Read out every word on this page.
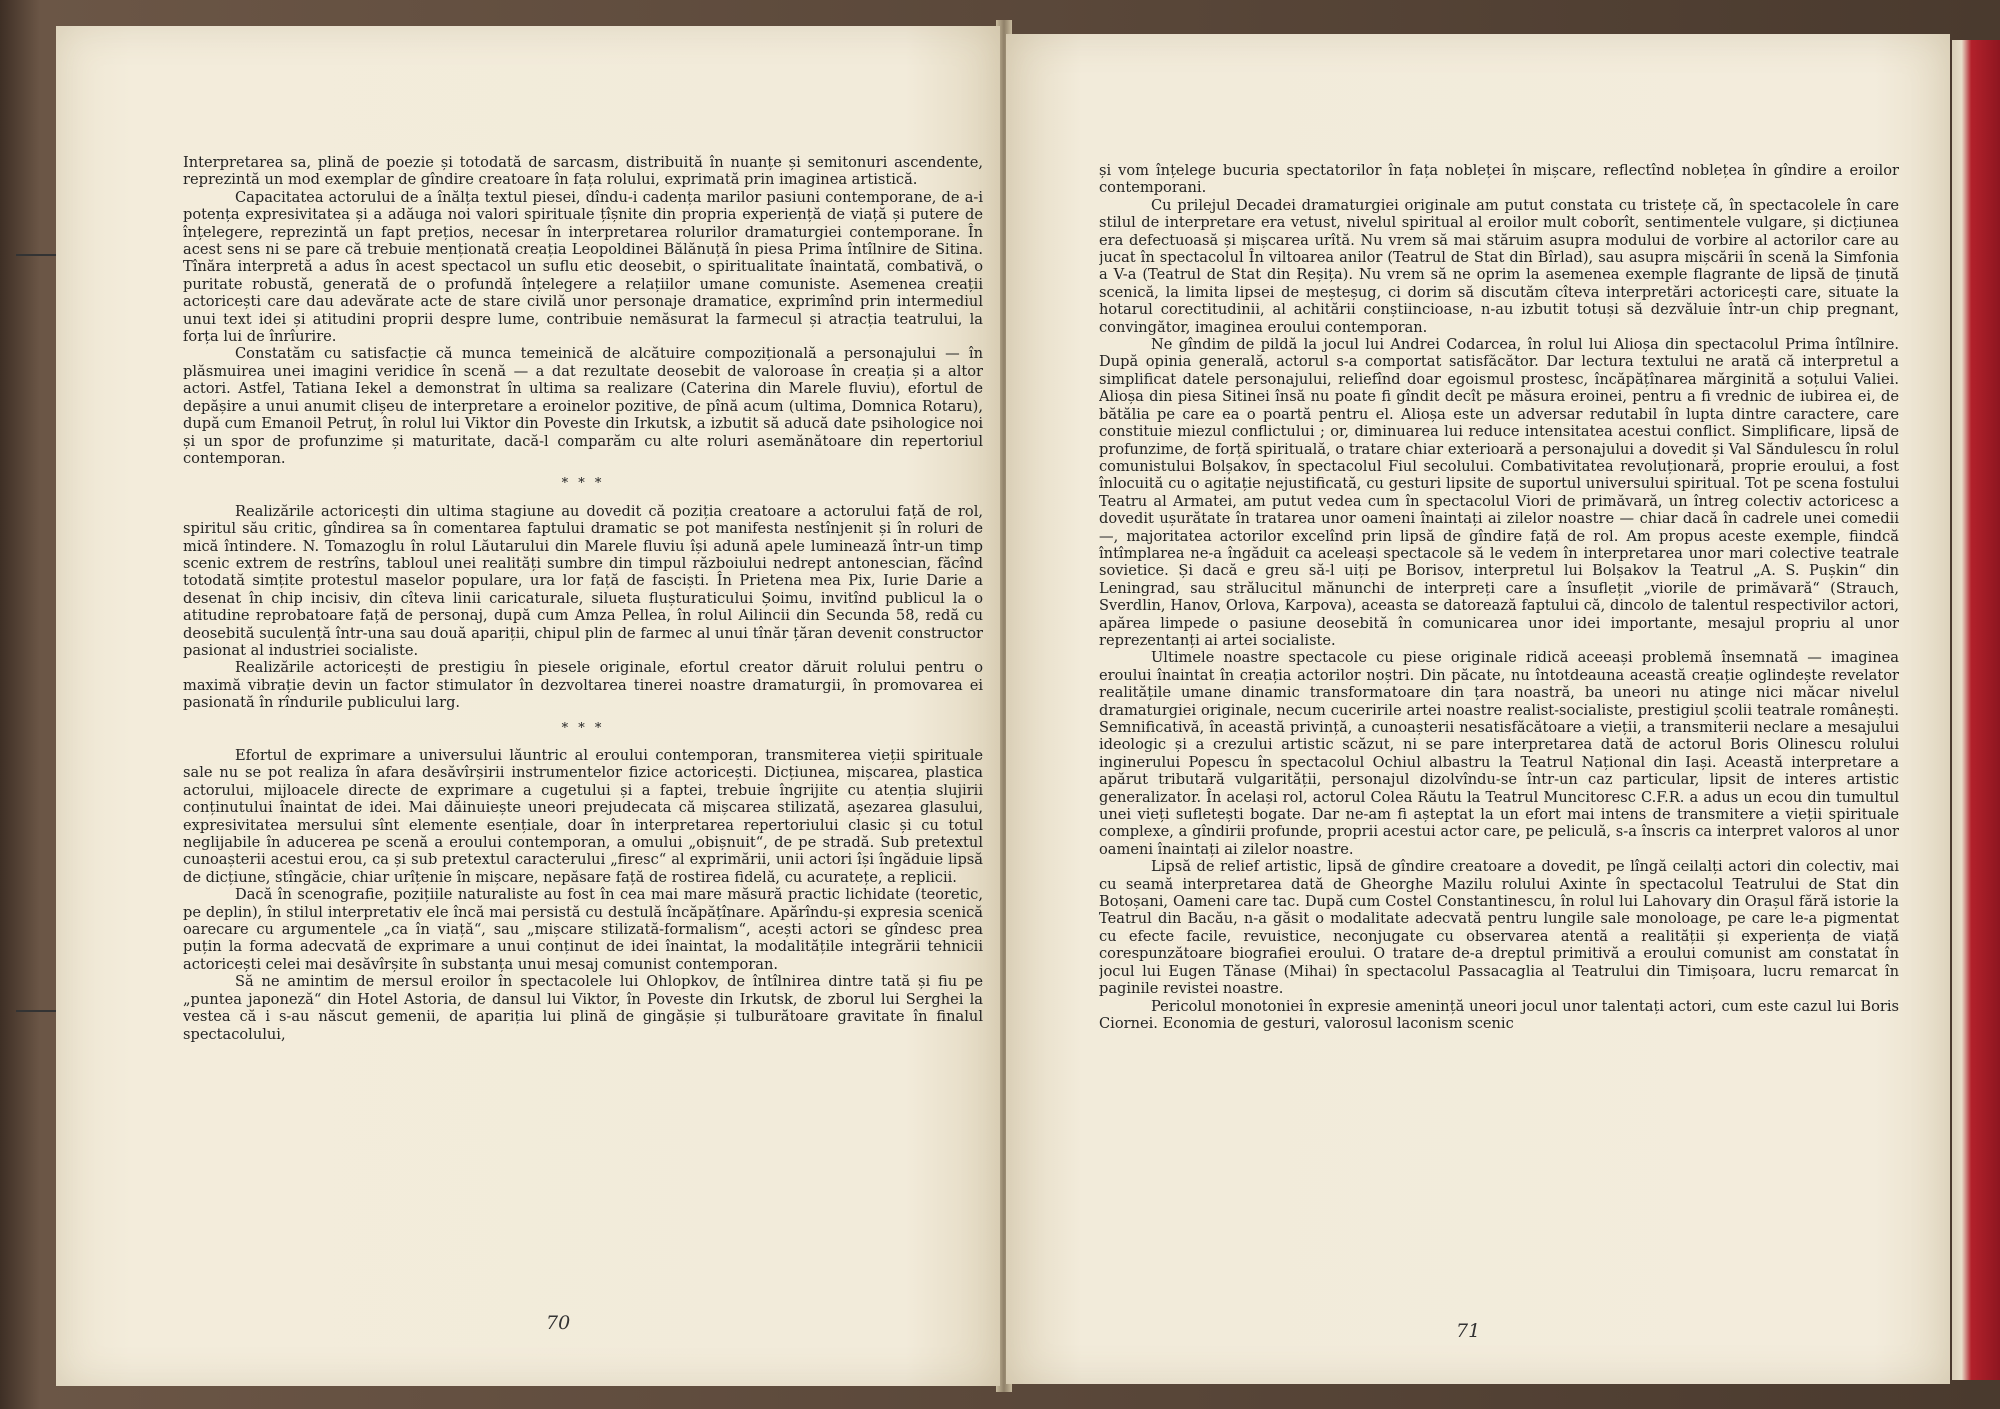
Interpretarea sa, plină de poezie și totodată de sarcasm, distribuită în nuanțe și semitonuri ascendente, reprezintă un mod exemplar de gîndire creatoare în fața rolului, exprimată prin imaginea artistică.

Capacitatea actorului de a înălța textul piesei, dîndu-i cadența marilor pasiuni contemporane, de a-i potența expresivitatea și a adăuga noi valori spirituale țîșnite din propria experiență de viață și putere de înțelegere, reprezintă un fapt prețios, necesar în interpretarea rolurilor dramaturgiei contemporane. În acest sens ni se pare că trebuie menționată creația Leopoldinei Bălănuță în piesa Prima întîlnire de Sitina. Tînăra interpretă a adus în acest spectacol un suflu etic deosebit, o spiritualitate înaintată, combativă, o puritate robustă, generată de o profundă înțelegere a relațiilor umane comuniste. Asemenea creații actoricești care dau adevărate acte de stare civilă unor personaje dramatice, exprimînd prin intermediul unui text idei și atitudini proprii despre lume, contribuie nemăsurat la farmecul și atracția teatrului, la forța lui de înrîurire.

Constatăm cu satisfacție că munca temeinică de alcătuire compozițională a personajului — în plăsmuirea unei imagini veridice în scenă — a dat rezultate deosebit de valoroase în creația și a altor actori. Astfel, Tatiana Iekel a demonstrat în ultima sa realizare (Caterina din Marele fluviu), efortul de depășire a unui anumit clișeu de interpretare a eroinelor pozitive, de pînă acum (ultima, Domnica Rotaru), după cum Emanoil Petruț, în rolul lui Viktor din Poveste din Irkutsk, a izbutit să aducă date psihologice noi și un spor de profunzime și maturitate, dacă-l comparăm cu alte roluri asemănătoare din repertoriul contemporan.

* * *

Realizările actoricești din ultima stagiune au dovedit că poziția creatoare a actorului față de rol, spiritul său critic, gîndirea sa în comentarea faptului dramatic se pot manifesta nestînjenit și în roluri de mică întindere. N. Tomazoglu în rolul Lăutarului din Marele fluviu își adună apele luminează într-un timp scenic extrem de restrîns, tabloul unei realități sumbre din timpul războiului nedrept antonescian, făcînd totodată simțite protestul maselor populare, ura lor față de fasciști. În Prietena mea Pix, Iurie Darie a desenat în chip incisiv, din cîteva linii caricaturale, silueta flușturaticului Șoimu, invitînd publicul la o atitudine reprobatoare față de personaj, după cum Amza Pellea, în rolul Ailincii din Secunda 58, redă cu deosebită suculență într-una sau două apariții, chipul plin de farmec al unui tînăr țăran devenit constructor pasionat al industriei socialiste.

Realizările actoricești de prestigiu în piesele originale, efortul creator dăruit rolului pentru o maximă vibrație devin un factor stimulator în dezvoltarea tinerei noastre dramaturgii, în promovarea ei pasionată în rîndurile publicului larg.

* * *

Efortul de exprimare a universului lăuntric al eroului contemporan, transmiterea vieții spirituale sale nu se pot realiza în afara desăvîrșirii instrumentelor fizice actoricești. Dicțiunea, mișcarea, plastica actorului, mijloacele directe de exprimare a cugetului și a faptei, trebuie îngrijite cu atenția slujirii conținutului înaintat de idei. Mai dăinuiește uneori prejudecata că mișcarea stilizată, așezarea glasului, expresivitatea mersului sînt elemente esențiale, doar în interpretarea repertoriului clasic și cu totul neglijabile în aducerea pe scenă a eroului contemporan, a omului „obișnuit“, de pe stradă. Sub pretextul cunoașterii acestui erou, ca și sub pretextul caracterului „firesc“ al exprimării, unii actori își îngăduie lipsă de dicțiune, stîngăcie, chiar urîțenie în mișcare, nepăsare față de rostirea fidelă, cu acuratețe, a replicii.

Dacă în scenografie, pozițiile naturaliste au fost în cea mai mare măsură practic lichidate (teoretic, pe deplin), în stilul interpretativ ele încă mai persistă cu destulă încăpățînare. Apărîndu-și expresia scenică oarecare cu argumentele „ca în viață“, sau „mișcare stilizată-formalism“, acești actori se gîndesc prea puțin la forma adecvată de exprimare a unui conținut de idei înaintat, la modalitățile integrării tehnicii actoricești celei mai desăvîrșite în substanța unui mesaj comunist contemporan.

Să ne amintim de mersul eroilor în spectacolele lui Ohlopkov, de întîlnirea dintre tată și fiu pe „puntea japoneză“ din Hotel Astoria, de dansul lui Viktor, în Poveste din Irkutsk, de zborul lui Serghei la vestea că i s-au născut gemenii, de apariția lui plină de gingășie și tulburătoare gravitate în finalul spectacolului,

70

și vom înțelege bucuria spectatorilor în fața nobleței în mișcare, reflectînd noblețea în gîndire a eroilor contemporani.

Cu prilejul Decadei dramaturgiei originale am putut constata cu tristețe că, în spectacolele în care stilul de interpretare era vetust, nivelul spiritual al eroilor mult coborît, sentimentele vulgare, și dicțiunea era defectuoasă și mișcarea urîtă. Nu vrem să mai stăruim asupra modului de vorbire al actorilor care au jucat în spectacolul În viltoarea anilor (Teatrul de Stat din Bîrlad), sau asupra mișcării în scenă la Simfonia a V-a (Teatrul de Stat din Reșița). Nu vrem să ne oprim la asemenea exemple flagrante de lipsă de ținută scenică, la limita lipsei de meșteșug, ci dorim să discutăm cîteva interpretări actoricești care, situate la hotarul corectitudinii, al achitării conștiincioase, n-au izbutit totuși să dezvăluie într-un chip pregnant, convingător, imaginea eroului contemporan.

Ne gîndim de pildă la jocul lui Andrei Codarcea, în rolul lui Alioșa din spectacolul Prima întîlnire. După opinia generală, actorul s-a comportat satisfăcător. Dar lectura textului ne arată că interpretul a simplificat datele personajului, reliefînd doar egoismul prostesc, încăpățînarea mărginită a soțului Valiei. Alioșa din piesa Sitinei însă nu poate fi gîndit decît pe măsura eroinei, pentru a fi vrednic de iubirea ei, de bătălia pe care ea o poartă pentru el. Alioșa este un adversar redutabil în lupta dintre caractere, care constituie miezul conflictului ; or, diminuarea lui reduce intensitatea acestui conflict. Simplificare, lipsă de profunzime, de forță spirituală, o tratare chiar exterioară a personajului a dovedit și Val Săndulescu în rolul comunistului Bolșakov, în spectacolul Fiul secolului. Combativitatea revoluționară, proprie eroului, a fost înlocuită cu o agitație nejustificată, cu gesturi lipsite de suportul universului spiritual. Tot pe scena fostului Teatru al Armatei, am putut vedea cum în spectacolul Viori de primăvară, un întreg colectiv actoricesc a dovedit ușurătate în tratarea unor oameni înaintați ai zilelor noastre — chiar dacă în cadrele unei comedii —, majoritatea actorilor excelînd prin lipsă de gîndire față de rol. Am propus aceste exemple, fiindcă întîmplarea ne-a îngăduit ca aceleași spectacole să le vedem în interpretarea unor mari colective teatrale sovietice. Și dacă e greu să-l uiți pe Borisov, interpretul lui Bolșakov la Teatrul „A. S. Pușkin“ din Leningrad, sau strălucitul mănunchi de interpreți care a însuflețit „viorile de primăvară“ (Strauch, Sverdlin, Hanov, Orlova, Karpova), aceasta se datorează faptului că, dincolo de talentul respectivilor actori, apărea limpede o pasiune deosebită în comunicarea unor idei importante, mesajul propriu al unor reprezentanți ai artei socialiste.

Ultimele noastre spectacole cu piese originale ridică aceeași problemă însemnată — imaginea eroului înaintat în creația actorilor noștri. Din păcate, nu întotdeauna această creație oglindește revelator realitățile umane dinamic transformatoare din țara noastră, ba uneori nu atinge nici măcar nivelul dramaturgiei originale, necum cuceririle artei noastre realist-socialiste, prestigiul școlii teatrale românești. Semnificativă, în această privință, a cunoașterii nesatisfăcătoare a vieții, a transmiterii neclare a mesajului ideologic și a crezului artistic scăzut, ni se pare interpretarea dată de actorul Boris Olinescu rolului inginerului Popescu în spectacolul Ochiul albastru la Teatrul Național din Iași. Această interpretare a apărut tributară vulgarității, personajul dizolvîndu-se într-un caz particular, lipsit de interes artistic generalizator. În același rol, actorul Colea Răutu la Teatrul Muncitoresc C.F.R. a adus un ecou din tumultul unei vieți sufletești bogate. Dar ne-am fi așteptat la un efort mai intens de transmitere a vieții spirituale complexe, a gîndirii profunde, proprii acestui actor care, pe peliculă, s-a înscris ca interpret valoros al unor oameni înaintați ai zilelor noastre.

Lipsă de relief artistic, lipsă de gîndire creatoare a dovedit, pe lîngă ceilalți actori din colectiv, mai cu seamă interpretarea dată de Gheorghe Mazilu rolului Axinte în spectacolul Teatrului de Stat din Botoșani, Oameni care tac. După cum Costel Constantinescu, în rolul lui Lahovary din Orașul fără istorie la Teatrul din Bacău, n-a găsit o modalitate adecvată pentru lungile sale monoloage, pe care le-a pigmentat cu efecte facile, revuistice, neconjugate cu observarea atentă a realității și experiența de viață corespunzătoare biografiei eroului. O tratare de-a dreptul primitivă a eroului comunist am constatat în jocul lui Eugen Tănase (Mihai) în spectacolul Passacaglia al Teatrului din Timișoara, lucru remarcat în paginile revistei noastre.

Pericolul monotoniei în expresie amenință uneori jocul unor talentați actori, cum este cazul lui Boris Ciornei. Economia de gesturi, valorosul laconism scenic

71
